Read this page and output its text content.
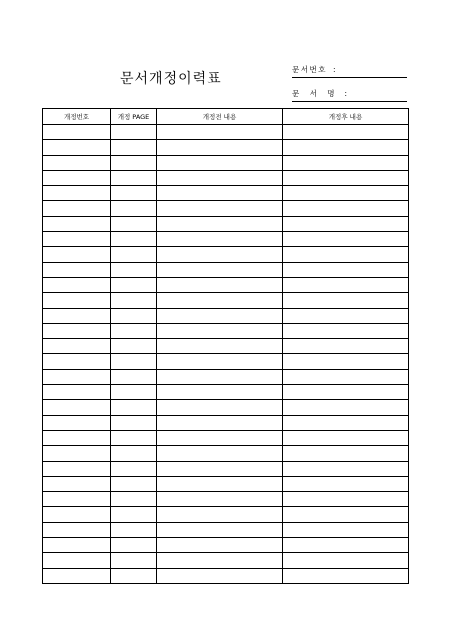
문서개정이력표
문서번호 :
문 서 명 :
개정번호	개정 PAGE	개정전 내용	개정후 내용
